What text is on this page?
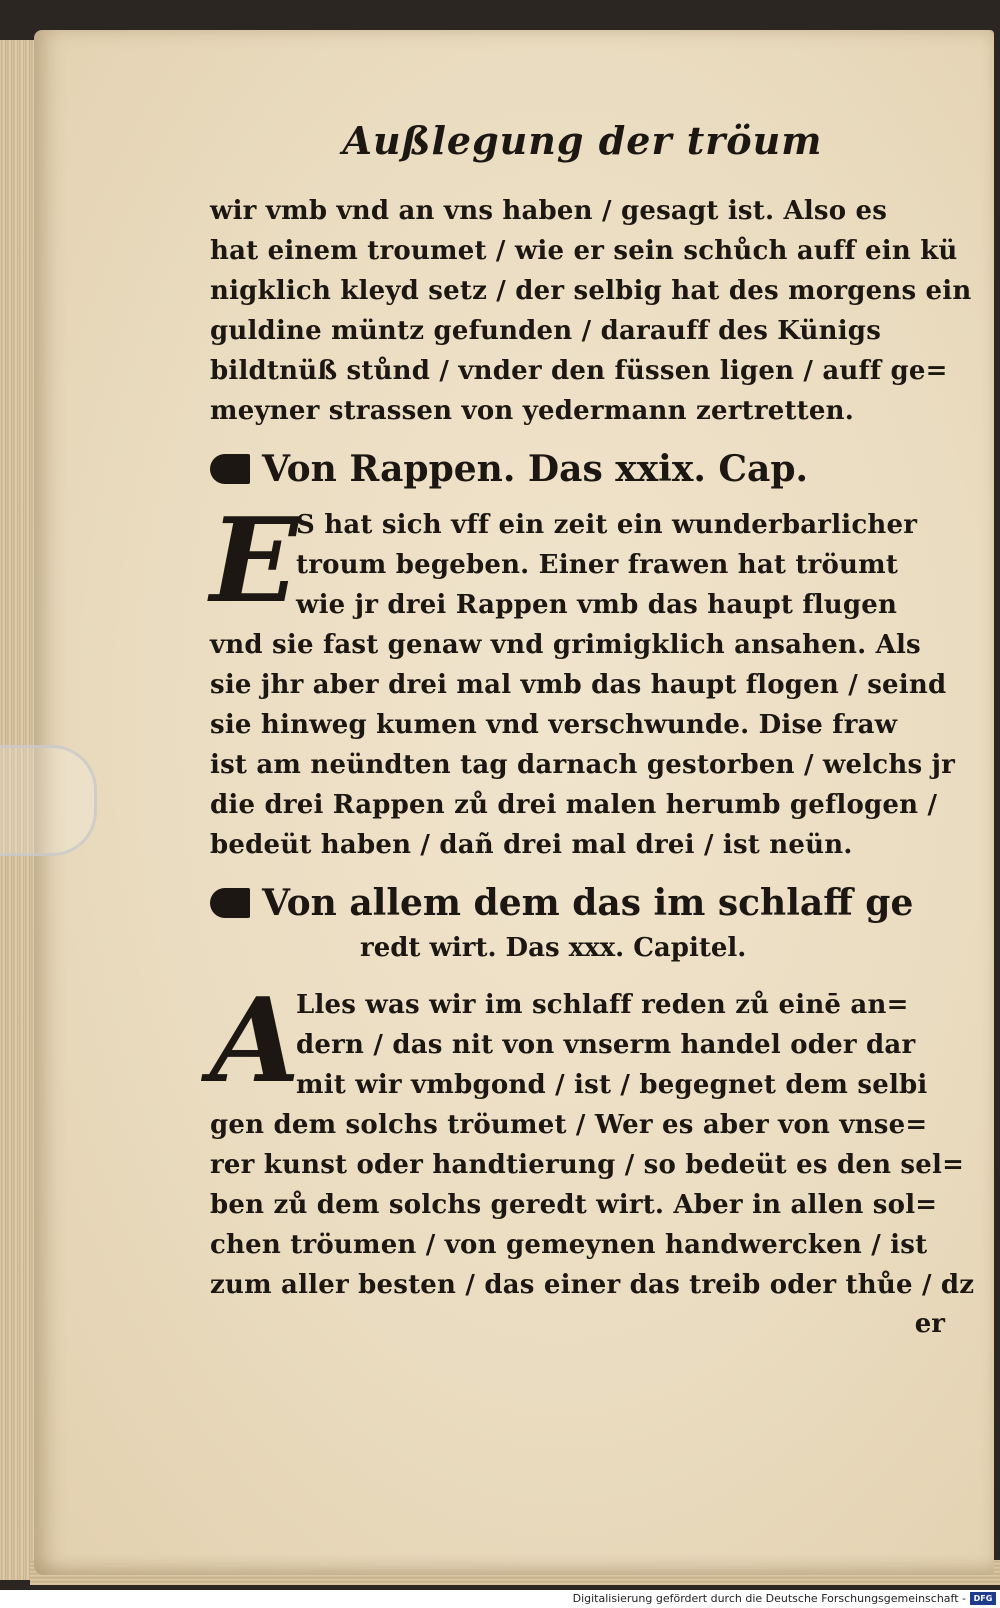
Außlegung der tröum
wir vmb vnd an vns haben / gesagt ist. Also es
hat einem troumet / wie er sein schůch auff ein kü
nigklich kleyd setz / der selbig hat des morgens ein
guldine müntz gefunden / darauff des Künigs
bildtnüß stůnd / vnder den füssen ligen / auff ge=
meyner strassen von yedermann zertretten.
Von Rappen. Das xxix. Cap.
E
S hat sich vff ein zeit ein wunderbarlicher
troum begeben. Einer frawen hat tröumt
wie jr drei Rappen vmb das haupt flugen
vnd sie fast genaw vnd grimigklich ansahen. Als
sie jhr aber drei mal vmb das haupt flogen / seind
sie hinweg kumen vnd verschwunde. Dise fraw
ist am neündten tag darnach gestorben / welchs jr
die drei Rappen zů drei malen herumb geflogen /
bedeüt haben / dañ drei mal drei / ist neün.
Von allem dem das im schlaff ge
redt wirt. Das xxx. Capitel.
A
Lles was wir im schlaff reden zů einē an=
dern / das nit von vnserm handel oder dar
mit wir vmbgond / ist / begegnet dem selbi
gen dem solchs tröumet / Wer es aber von vnse=
rer kunst oder handtierung / so bedeüt es den sel=
ben zů dem solchs geredt wirt. Aber in allen sol=
chen tröumen / von gemeynen handwercken / ist
zum aller besten / das einer das treib oder thůe / dz
er
Digitalisierung gefördert durch die Deutsche Forschungsgemeinschaft - DFG
